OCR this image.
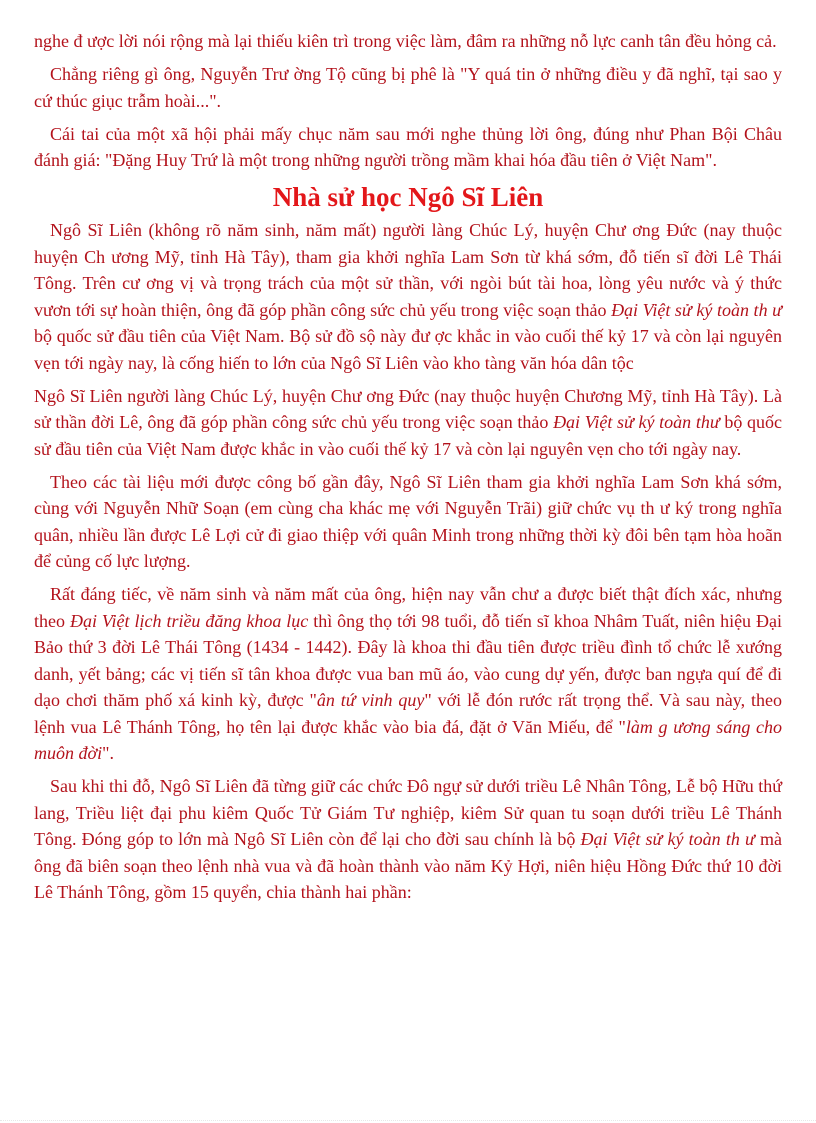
nghe đ ược lời nói rộng mà lại thiếu kiên trì trong việc làm, đâm ra những nỗ lực canh tân đều hỏng cả.

Chẳng riêng gì ông, Nguyễn Trư ờng Tộ cũng bị phê là "Y quá tin ở những điều y đã nghĩ, tại sao y cứ thúc giục trẫm hoài...".

Cái tai của một xã hội phải mấy chục năm sau mới nghe thủng lời ông, đúng như Phan Bội Châu đánh giá: "Đặng Huy Trứ là một trong những người trồng mầm khai hóa đầu tiên ở Việt Nam".

Nhà sử học Ngô Sĩ Liên

Ngô Sĩ Liên (không rõ năm sinh, năm mất) người làng Chúc Lý, huyện Chư ơng Đức (nay thuộc huyện Ch ương Mỹ, tỉnh Hà Tây), tham gia khởi nghĩa Lam Sơn từ khá sớm, đỗ tiến sĩ đời Lê Thái Tông. Trên cư ơng vị và trọng trách của một sử thần, với ngòi bút tài hoa, lòng yêu nước và ý thức vươn tới sự hoàn thiện, ông đã góp phần công sức chủ yếu trong việc soạn thảo Đại Việt sử ký toàn th ư bộ quốc sử đầu tiên của Việt Nam. Bộ sử đồ sộ này đư ợc khắc in vào cuối thế kỷ 17 và còn lại nguyên vẹn tới ngày nay, là cống hiến to lớn của Ngô Sĩ Liên vào kho tàng văn hóa dân tộc

Ngô Sĩ Liên người làng Chúc Lý, huyện Chư ơng Đức (nay thuộc huyện Chương Mỹ, tỉnh Hà Tây). Là sử thần đời Lê, ông đã góp phần công sức chủ yếu trong việc soạn thảo Đại Việt sử ký toàn thư bộ quốc sử đầu tiên của Việt Nam được khắc in vào cuối thế kỷ 17 và còn lại nguyên vẹn cho tới ngày nay.

Theo các tài liệu mới được công bố gần đây, Ngô Sĩ Liên tham gia khởi nghĩa Lam Sơn khá sớm, cùng với Nguyễn Nhữ Soạn (em cùng cha khác mẹ với Nguyễn Trãi) giữ chức vụ th ư ký trong nghĩa quân, nhiều lần được Lê Lợi cử đi giao thiệp với quân Minh trong những thời kỳ đôi bên tạm hòa hoãn để củng cố lực lượng.

Rất đáng tiếc, về năm sinh và năm mất của ông, hiện nay vẫn chư a được biết thật đích xác, nhưng theo Đại Việt lịch triều đăng khoa lục thì ông thọ tới 98 tuổi, đỗ tiến sĩ khoa Nhâm Tuất, niên hiệu Đại Bảo thứ 3 đời Lê Thái Tông (1434 - 1442). Đây là khoa thi đầu tiên được triều đình tổ chức lễ xướng danh, yết bảng; các vị tiến sĩ tân khoa được vua ban mũ áo, vào cung dự yến, được ban ngựa quí để đi dạo chơi thăm phố xá kinh kỳ, được "ân tứ vinh quy" với lễ đón rước rất trọng thể. Và sau này, theo lệnh vua Lê Thánh Tông, họ tên lại được khắc vào bia đá, đặt ở Văn Miếu, để "làm g ương sáng cho muôn đời".

Sau khi thi đỗ, Ngô Sĩ Liên đã từng giữ các chức Đô ngự sử dưới triều Lê Nhân Tông, Lễ bộ Hữu thứ lang, Triều liệt đại phu kiêm Quốc Tử Giám Tư nghiệp, kiêm Sử quan tu soạn dưới triều Lê Thánh Tông. Đóng góp to lớn mà Ngô Sĩ Liên còn để lại cho đời sau chính là bộ Đại Việt sử ký toàn th ư mà ông đã biên soạn theo lệnh nhà vua và đã hoàn thành vào năm Kỷ Hợi, niên hiệu Hồng Đức thứ 10 đời Lê Thánh Tông, gồm 15 quyển, chia thành hai phần:
